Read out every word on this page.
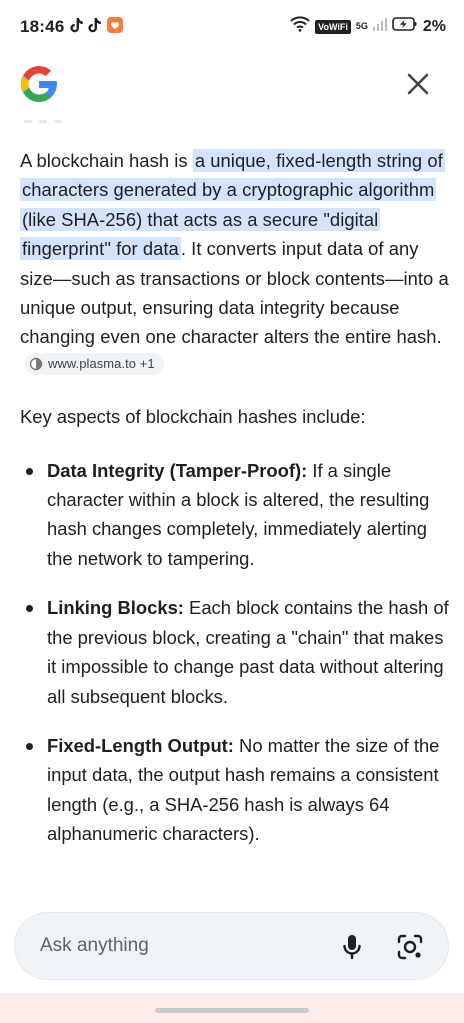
18:46	VoWiFi 5G	2%

A blockchain hash is a unique, fixed-length string of characters generated by a cryptographic algorithm (like SHA-256) that acts as a secure "digital fingerprint" for data . It converts input data of any size—such as transactions or block contents—into a unique output, ensuring data integrity because changing even one character alters the entire hash.
www.plasma.to +1

Key aspects of blockchain hashes include:

Data Integrity (Tamper-Proof): If a single character within a block is altered, the resulting hash changes completely, immediately alerting the network to tampering.
Linking Blocks: Each block contains the hash of the previous block, creating a "chain" that makes it impossible to change past data without altering all subsequent blocks.
Fixed-Length Output: No matter the size of the input data, the output hash remains a consistent length (e.g., a SHA-256 hash is always 64 alphanumeric characters).
Ask anything
